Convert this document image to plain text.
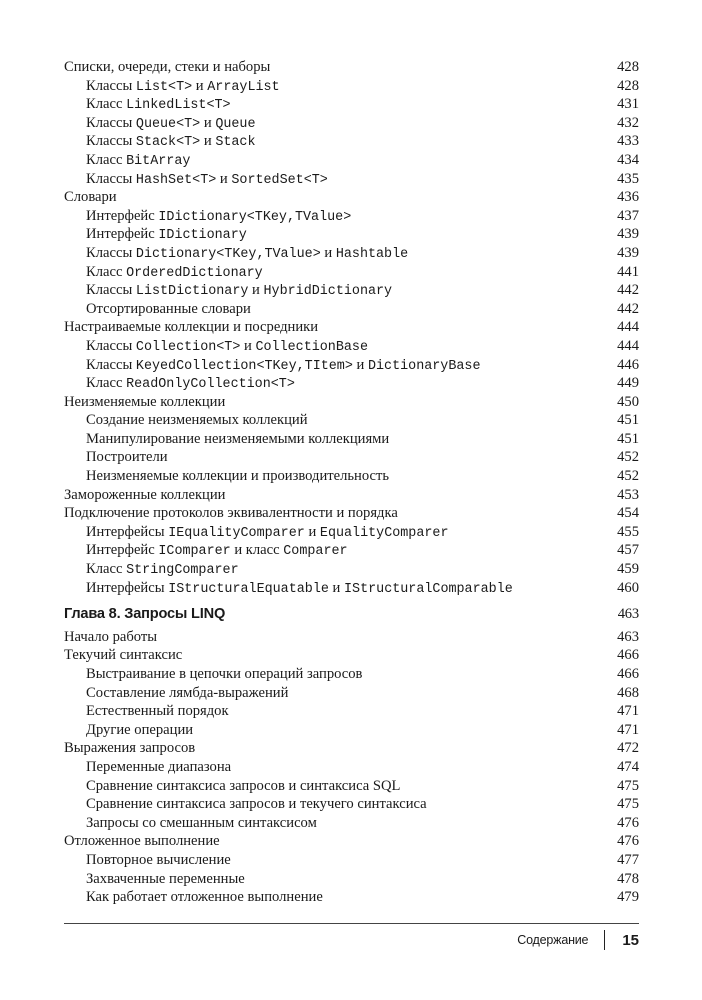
Списки, очереди, стеки и наборы	428
Классы List<T> и ArrayList	428
Класс LinkedList<T>	431
Классы Queue<T> и Queue	432
Классы Stack<T> и Stack	433
Класс BitArray	434
Классы HashSet<T> и SortedSet<T>	435
Словари	436
Интерфейс IDictionary<TKey,TValue>	437
Интерфейс IDictionary	439
Классы Dictionary<TKey,TValue> и Hashtable	439
Класс OrderedDictionary	441
Классы ListDictionary и HybridDictionary	442
Отсортированные словари	442
Настраиваемые коллекции и посредники	444
Классы Collection<T> и CollectionBase	444
Классы KeyedCollection<TKey,TItem> и DictionaryBase	446
Класс ReadOnlyCollection<T>	449
Неизменяемые коллекции	450
Создание неизменяемых коллекций	451
Манипулирование неизменяемыми коллекциями	451
Построители	452
Неизменяемые коллекции и производительность	452
Замороженные коллекции	453
Подключение протоколов эквивалентности и порядка	454
Интерфейсы IEqualityComparer и EqualityComparer	455
Интерфейс IComparer и класс Comparer	457
Класс StringComparer	459
Интерфейсы IStructuralEquatable и IStructuralComparable	460
Глава 8. Запросы LINQ	463
Начало работы	463
Текучий синтаксис	466
Выстраивание в цепочки операций запросов	466
Составление лямбда-выражений	468
Естественный порядок	471
Другие операции	471
Выражения запросов	472
Переменные диапазона	474
Сравнение синтаксиса запросов и синтаксиса SQL	475
Сравнение синтаксиса запросов и текучего синтаксиса	475
Запросы со смешанным синтаксисом	476
Отложенное выполнение	476
Повторное вычисление	477
Захваченные переменные	478
Как работает отложенное выполнение	479
Содержание 15
